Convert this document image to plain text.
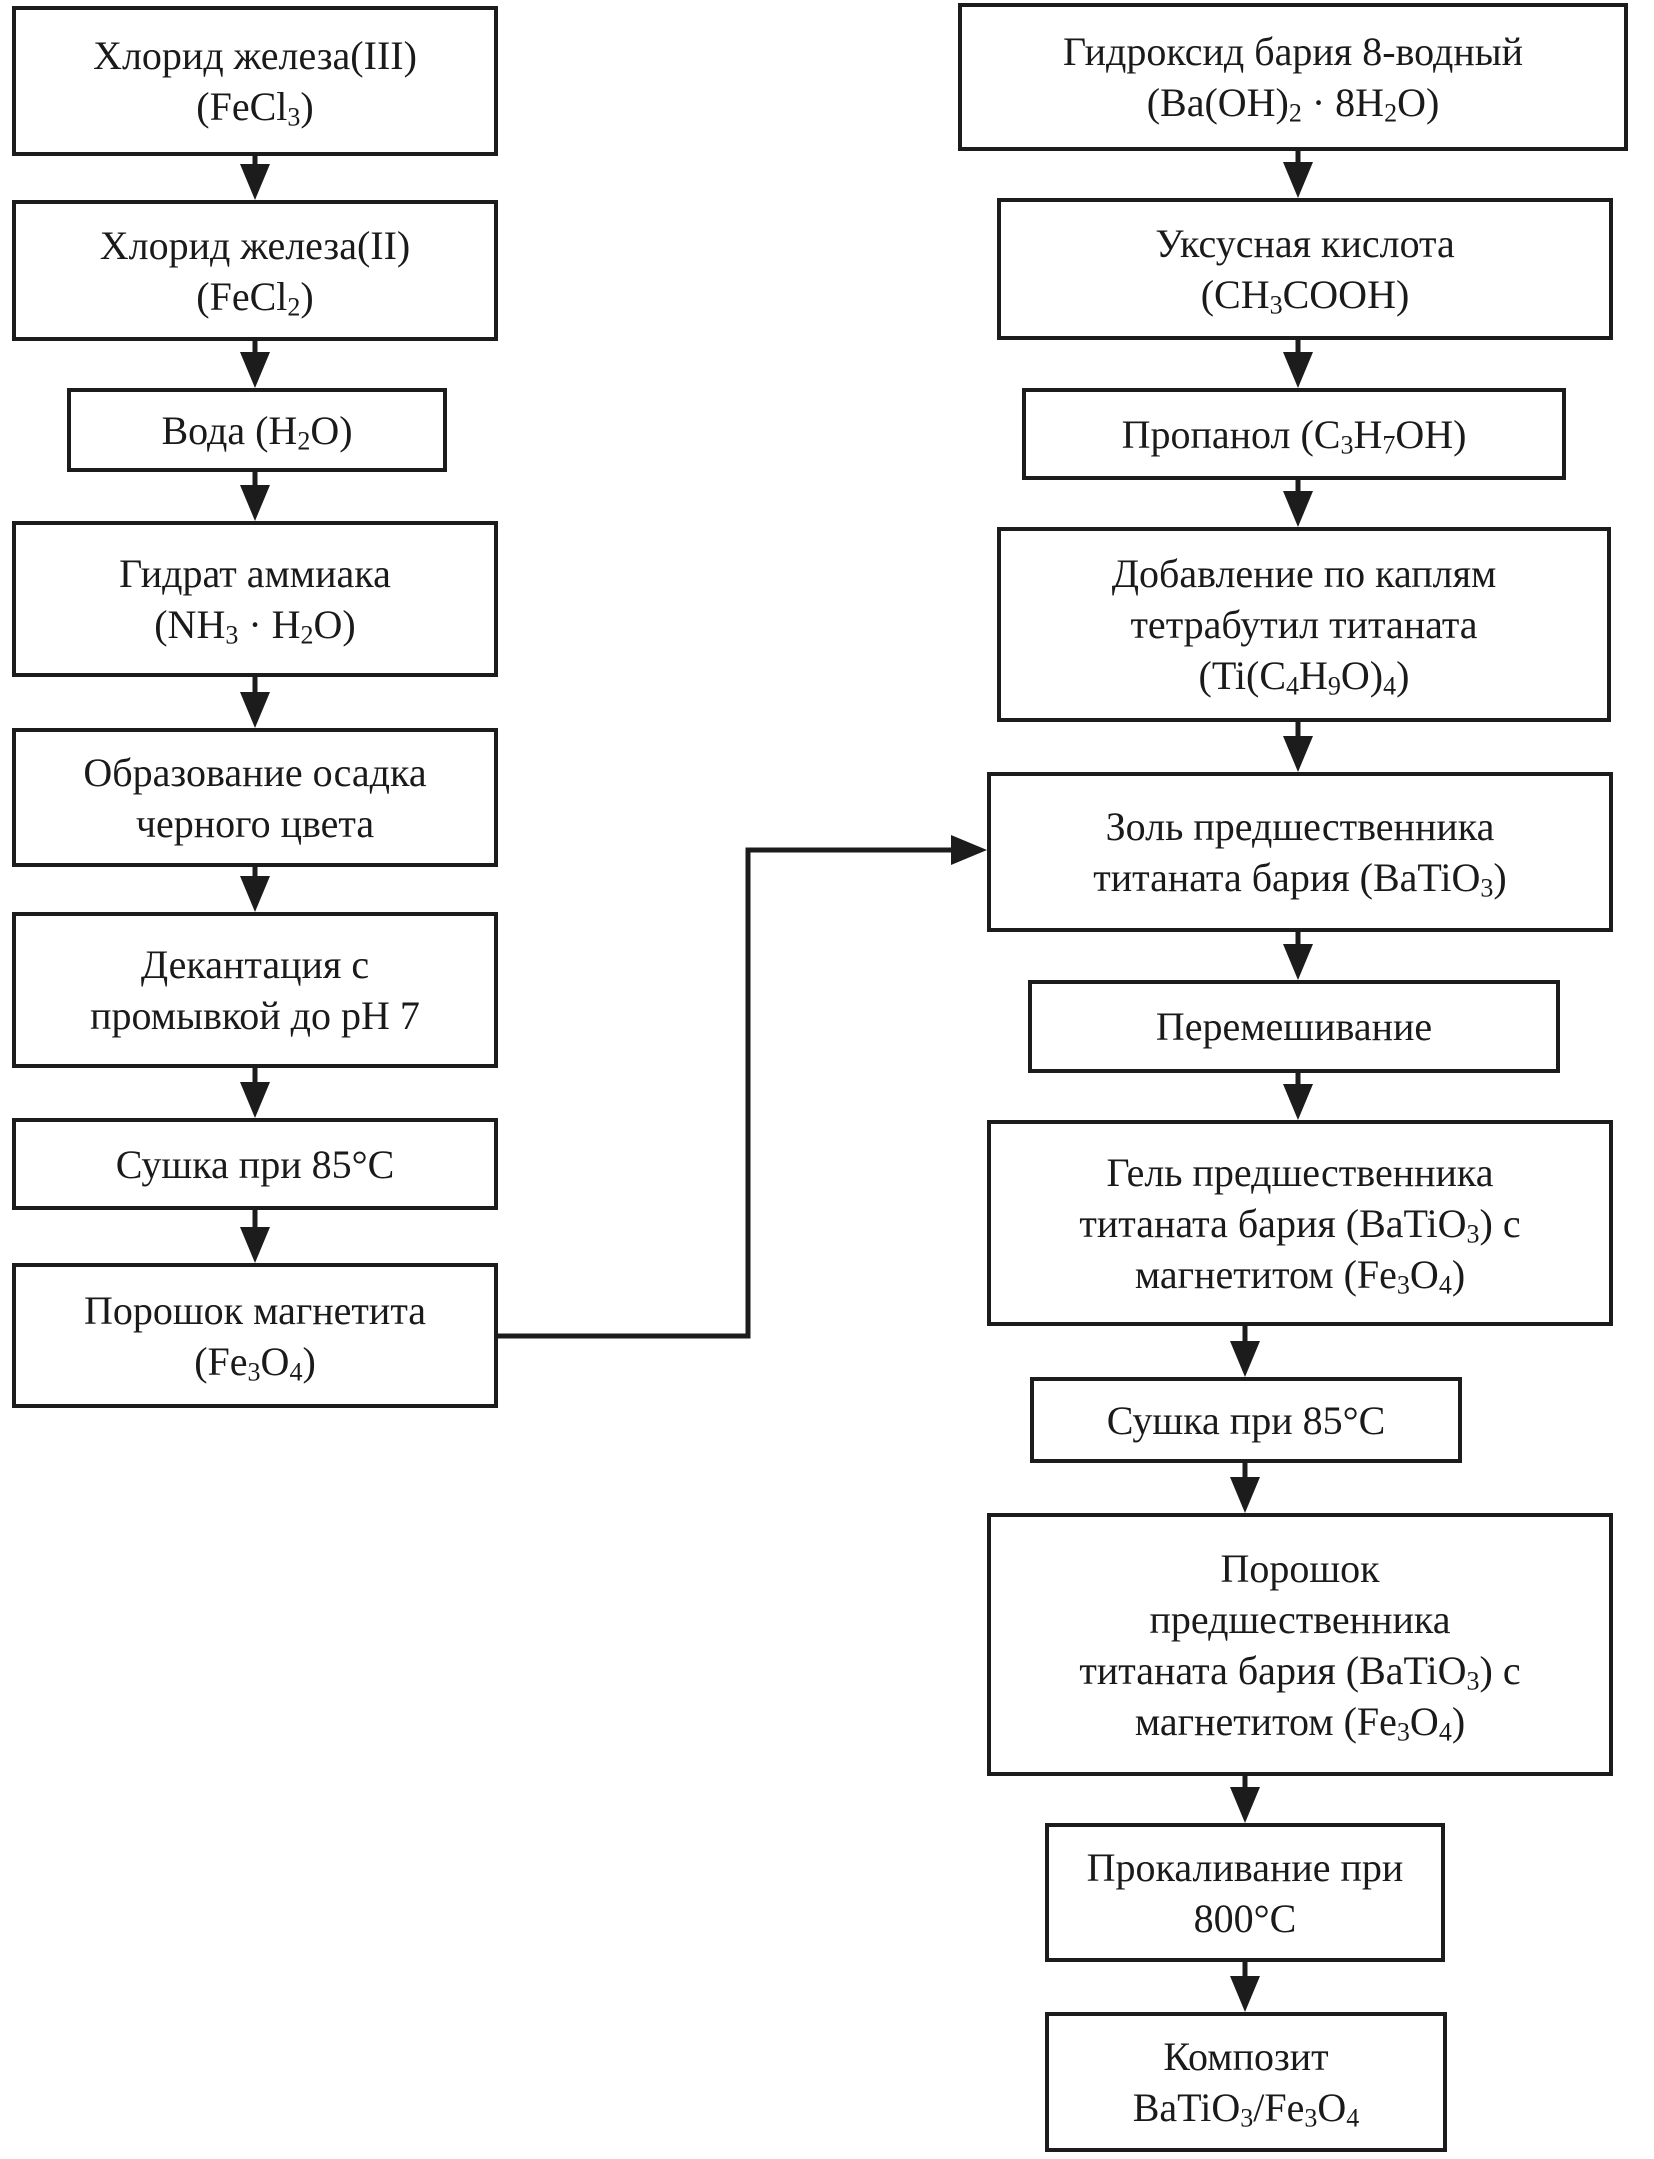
Хлорид железа(III)
(FeCl$_3$)
Хлорид железа(II)
(FeCl$_2$)
Вода $(H_2O)$
Гидрат аммиака
$(NH_3 \cdot H_2O)$
Образование осадка
черного цвета
Декантация с
промывкой до pH 7
Сушка при 85°C
Порошок магнетита
$(Fe_3O_4)$
Гидроксид бария 8-водный
$(Ba(OH)_2 \cdot 8H_2O)$
Уксусная кислота
$(CH_3COOH)$
Пропанол $(C_3H_7OH)$
Добавление по каплям
тетрабутил титаната
$(Ti(C_4H_9O)_4)$
Золь предшественника
титаната бария (BaTiO$_3$)
Перемешивание
Гель предшественника
титаната бария (BaTiO$_3$) с
магнетитом $(Fe_3O_4)$
Сушка при 85°C
Порошок
предшественника
титаната бария (BaTiO$_3$) с
магнетитом $(Fe_3O_4)$
Прокаливание при
800°C
Композит
$BaTiO_3/Fe_3O_4$
